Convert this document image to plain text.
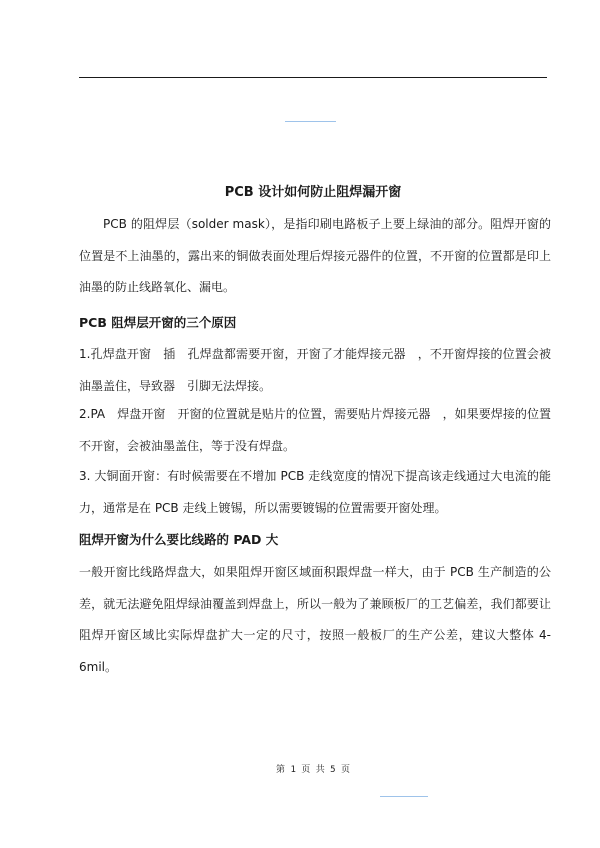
PCB 设计如何防止阻焊漏开窗

PCB 的阻焊层（solder mask），是指印刷电路板子上要上绿油的部分。阻焊开窗的位置是不上油墨的，露出来的铜做表面处理后焊接元器件的位置，不开窗的位置都是印上油墨的防止线路氧化、漏电。

PCB 阻焊层开窗的三个原因

1.孔焊盘开窗　插　孔焊盘都需要开窗，开窗了才能焊接元器　，不开窗焊接的位置会被油墨盖住，导致器　引脚无法焊接。

2.PA　焊盘开窗　开窗的位置就是贴片的位置，需要贴片焊接元器　，如果要焊接的位置不开窗，会被油墨盖住，等于没有焊盘。

3. 大铜面开窗：有时候需要在不增加 PCB 走线宽度的情况下提高该走线通过大电流的能力，通常是在 PCB 走线上镀锡，所以需要镀锡的位置需要开窗处理。

阻焊开窗为什么要比线路的 PAD 大

一般开窗比线路焊盘大，如果阻焊开窗区域面积跟焊盘一样大，由于 PCB 生产制造的公差，就无法避免阻焊绿油覆盖到焊盘上，所以一般为了兼顾板厂的工艺偏差，我们都要让阻焊开窗区域比实际焊盘扩大一定的尺寸，按照一般板厂的生产公差，建议大整体 4-6mil。

第 1 页 共 5 页
